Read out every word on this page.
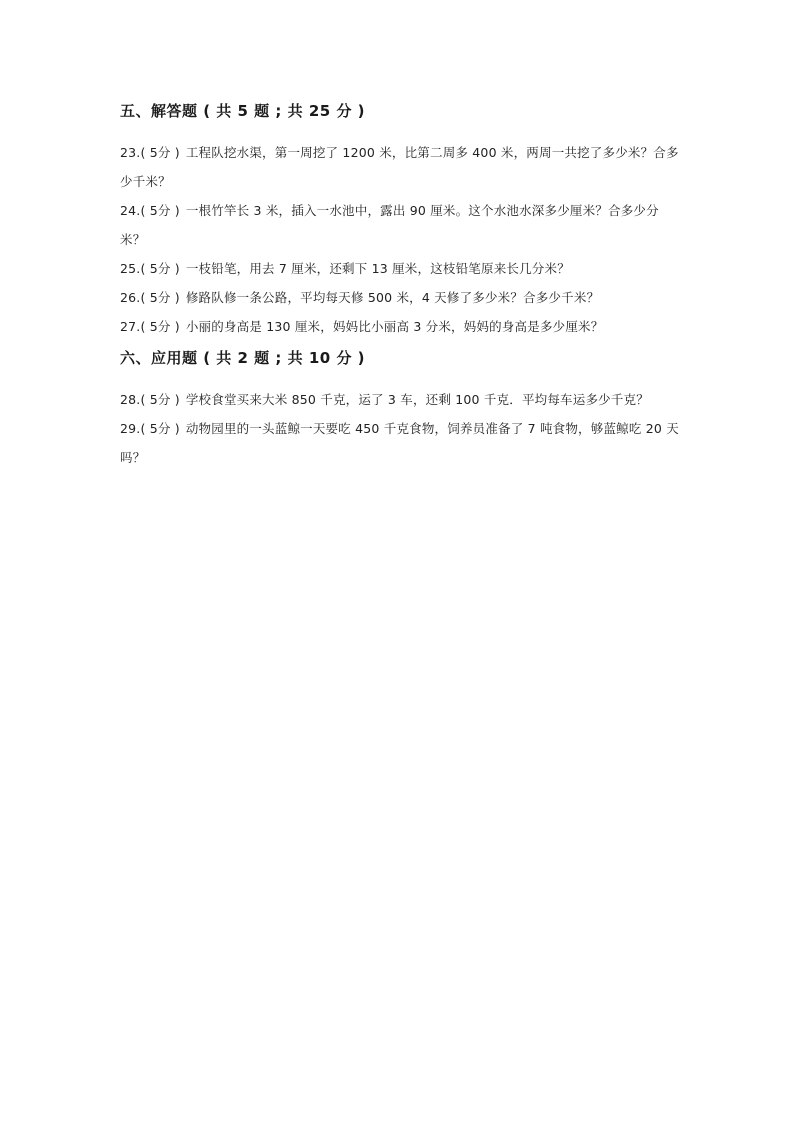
五、解答题 ( 共 5 题 ; 共 25 分 )
23.( 5分 ) 工程队挖水渠，第一周挖了 1200 米，比第二周多 400 米，两周一共挖了多少米？合多少千米？
24.( 5分 ) 一根竹竿长 3 米，插入一水池中，露出 90 厘米。这个水池水深多少厘米？合多少分米？
25.( 5分 ) 一枝铅笔，用去 7 厘米，还剩下 13 厘米，这枝铅笔原来长几分米？
26.( 5分 ) 修路队修一条公路，平均每天修 500 米，4 天修了多少米？合多少千米？
27.( 5分 ) 小丽的身高是 130 厘米，妈妈比小丽高 3 分米，妈妈的身高是多少厘米？
六、应用题 ( 共 2 题 ; 共 10 分 )
28.( 5分 ) 学校食堂买来大米 850 千克，运了 3 车，还剩 100 千克．平均每车运多少千克？
29.( 5分 ) 动物园里的一头蓝鲸一天要吃 450 千克食物，饲养员准备了 7 吨食物，够蓝鲸吃 20 天吗？
